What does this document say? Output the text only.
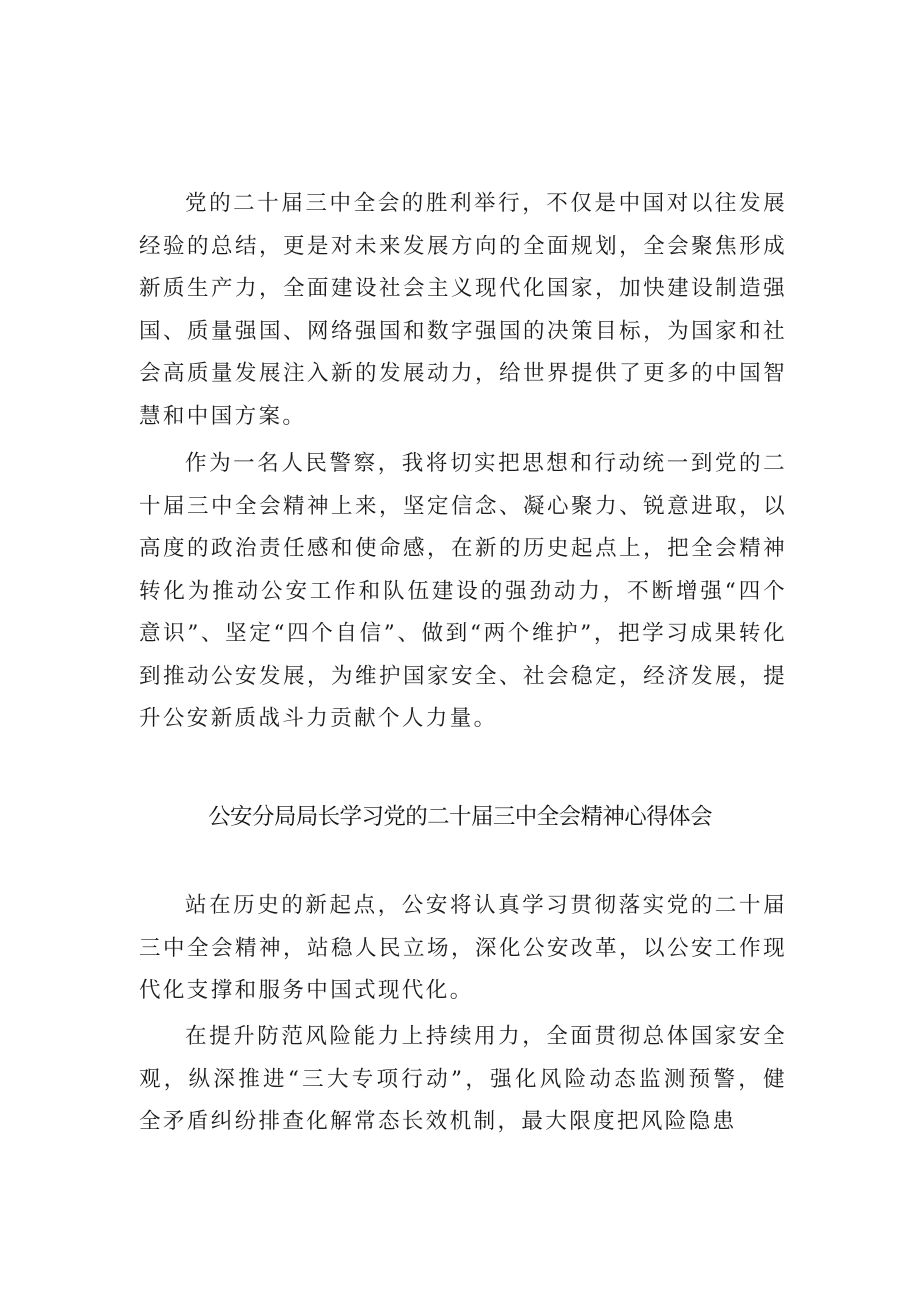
党的二十届三中全会的胜利举行，不仅是中国对以往发展经验的总结，更是对未来发展方向的全面规划，全会聚焦形成新质生产力，全面建设社会主义现代化国家，加快建设制造强国、质量强国、网络强国和数字强国的决策目标，为国家和社会高质量发展注入新的发展动力，给世界提供了更多的中国智慧和中国方案。

作为一名人民警察，我将切实把思想和行动统一到党的二十届三中全会精神上来，坚定信念、凝心聚力、锐意进取，以高度的政治责任感和使命感，在新的历史起点上，把全会精神转化为推动公安工作和队伍建设的强劲动力，不断增强“四个意识”、坚定“四个自信”、做到“两个维护”，把学习成果转化到推动公安发展，为维护国家安全、社会稳定，经济发展，提升公安新质战斗力贡献个人力量。

公安分局局长学习党的二十届三中全会精神心得体会

站在历史的新起点，公安将认真学习贯彻落实党的二十届三中全会精神，站稳人民立场，深化公安改革，以公安工作现代化支撑和服务中国式现代化。

在提升防范风险能力上持续用力，全面贯彻总体国家安全观，纵深推进“三大专项行动”，强化风险动态监测预警，健全矛盾纠纷排查化解常态长效机制，最大限度把风险隐患
